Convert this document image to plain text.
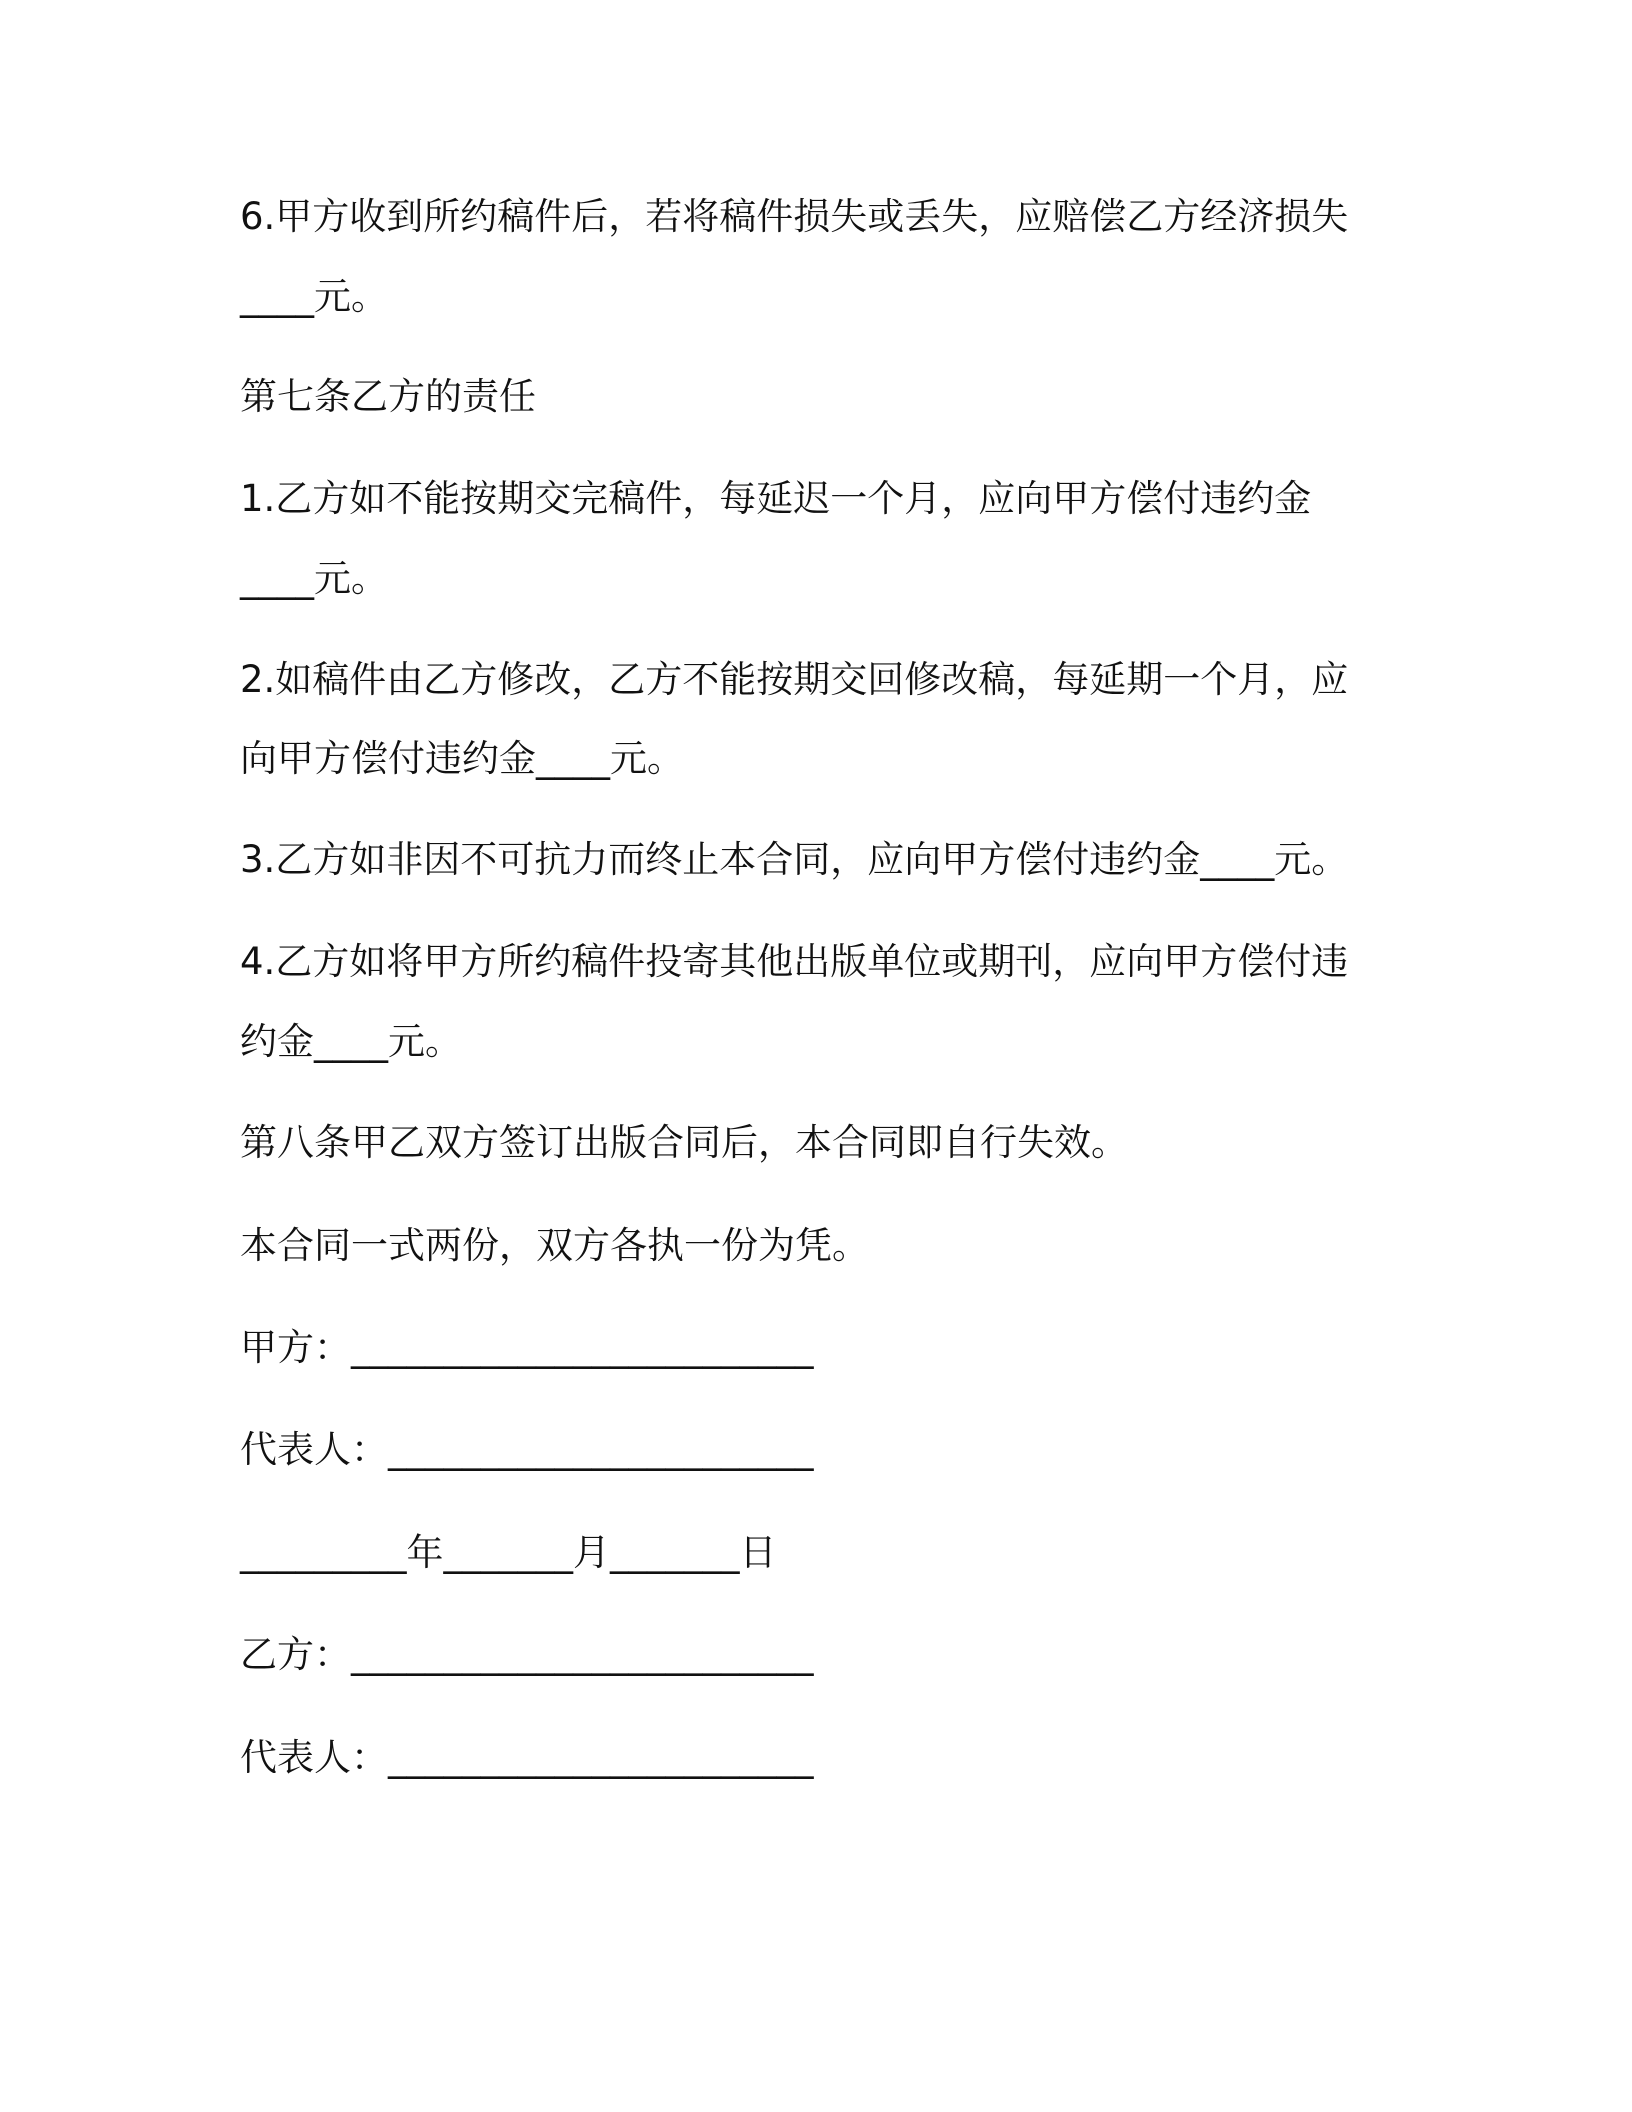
6.甲方收到所约稿件后，若将稿件损失或丢失，应赔偿乙方经济损失

____元。

第七条乙方的责任

1.乙方如不能按期交完稿件，每延迟一个月，应向甲方偿付违约金

____元。

2.如稿件由乙方修改，乙方不能按期交回修改稿，每延期一个月，应

向甲方偿付违约金____元。

3.乙方如非因不可抗力而终止本合同，应向甲方偿付违约金____元。

4.乙方如将甲方所约稿件投寄其他出版单位或期刊，应向甲方偿付违

约金____元。

第八条甲乙双方签订出版合同后，本合同即自行失效。

本合同一式两份，双方各执一份为凭。

甲方：_________________________

代表人：_______________________

_________年_______月_______日

乙方：_________________________

代表人：_______________________
